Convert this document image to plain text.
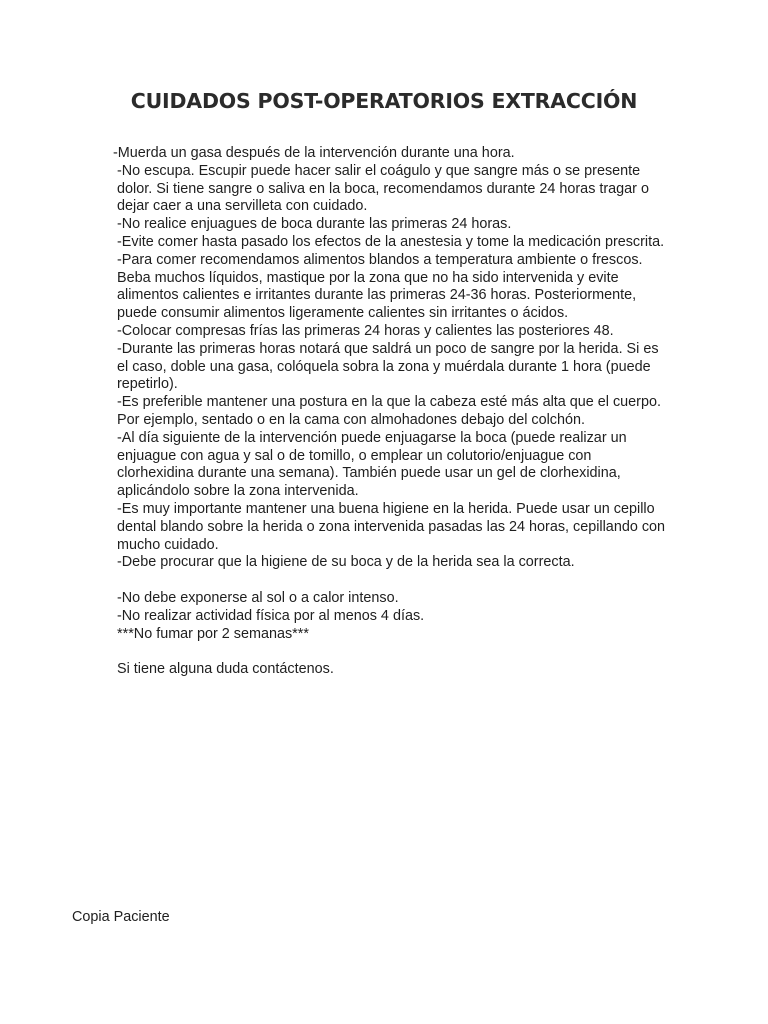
CUIDADOS POST-OPERATORIOS EXTRACCIÓN
-Muerda un gasa después de la intervención durante una hora.
-No escupa. Escupir puede hacer salir el coágulo y que sangre más o se presente
dolor. Si tiene sangre o saliva en la boca, recomendamos durante 24 horas tragar o
dejar caer a una servilleta con cuidado.
-No realice enjuagues de boca durante las primeras 24 horas.
-Evite comer hasta pasado los efectos de la anestesia y tome la medicación prescrita.
-Para comer recomendamos alimentos blandos a temperatura ambiente o frescos.
Beba muchos líquidos, mastique por la zona que no ha sido intervenida y evite
alimentos calientes e irritantes durante las primeras 24-36 horas. Posteriormente,
puede consumir alimentos ligeramente calientes sin irritantes o ácidos.
-Colocar compresas frías las primeras 24 horas y calientes las posteriores 48.
-Durante las primeras horas notará que saldrá un poco de sangre por la herida. Si es
el caso, doble una gasa, colóquela sobra la zona y muérdala durante 1 hora (puede
repetirlo).
-Es preferible mantener una postura en la que la cabeza esté más alta que el cuerpo.
Por ejemplo, sentado o en la cama con almohadones debajo del colchón.
-Al día siguiente de la intervención puede enjuagarse la boca (puede realizar un
enjuague con agua y sal o de tomillo, o emplear un colutorio/enjuague con
clorhexidina durante una semana). También puede usar un gel de clorhexidina,
aplicándolo sobre la zona intervenida.
-Es muy importante mantener una buena higiene en la herida. Puede usar un cepillo
dental blando sobre la herida o zona intervenida pasadas las 24 horas, cepillando con
mucho cuidado.
-Debe procurar que la higiene de su boca y de la herida sea la correcta.
-No debe exponerse al sol o a calor intenso.
-No realizar actividad física por al menos 4 días.
***No fumar por 2 semanas***
Si tiene alguna duda contáctenos.
Copia Paciente
